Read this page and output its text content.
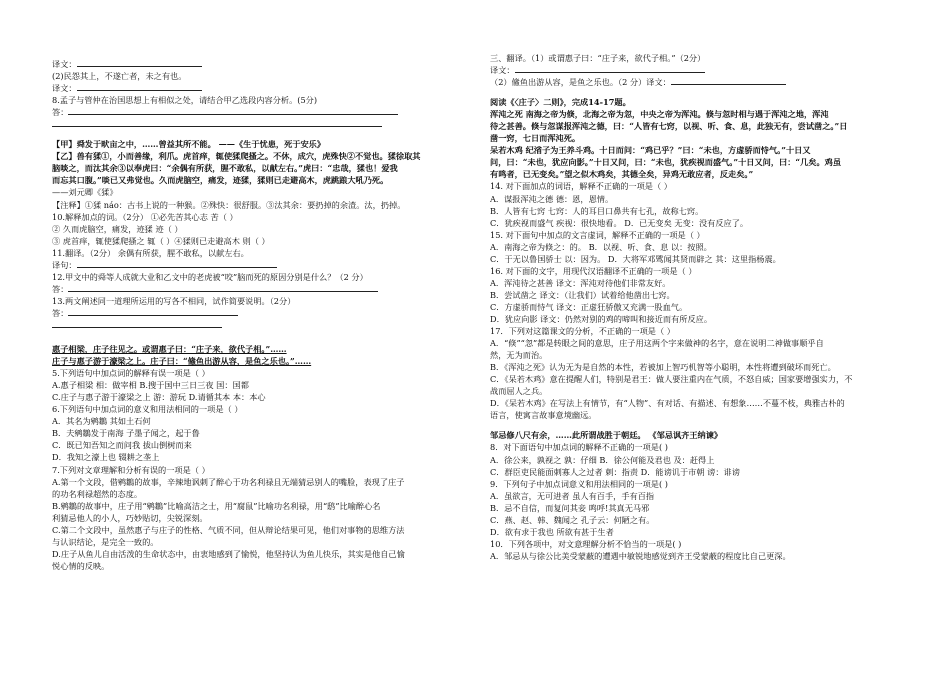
译文：
(2)民怨其上，不遂亡者，未之有也。
译文：
8.孟子与管仲在治国思想上有相似之处，请结合甲乙选段内容分析。(5分)
答：
【甲】舜发于畎亩之中，……曾益其所不能。 ——《生于忧患，死于安乐》
【乙】兽有猱①，小而善缘，利爪。虎首痒，辄使猱爬搔之。不休，成穴，虎殊快②不觉也。猱徐取其
脑啖之，而汰其余③以奉虎曰：“余偶有所获，腥不敢私，以献左右。”虎曰：“忠哉，猱也！爱我
而忘其口腹。”啖已又弗觉也。久而虎脑空，痛发，迹猱，猱则已走避高木，虎跳踉大吼乃死。
——刘元卿《猱》
【注释】①猱 náo：古书上说的一种猴。②殊快：很舒服。③汰其余：要扔掉的余渣。汰，扔掉。
10.解释加点的词。（2分） ①必先苦其心志 苦（ ）
② 久而虎脑空，痛发，迹猱 迹（ ）
③ 虎首痒，辄使猱爬搔之 辄（ ）④猱则已走避高木 则（ ）
11.翻译。（2分） 余偶有所获，腥不敢私，以献左右。
译句：
12.甲文中的舜等人成就大业和乙文中的老虎被“咬”脑而死的原因分别是什么？（2 分）
答：
13.两文阐述同一道理所运用的写各不相同，试作简要说明。（2分）
答：
惠子相梁，庄子往见之。或谓惠子曰：“庄子来，欲代子相。”……
庄子与惠子游于濠梁之上。庄子曰：“鯈鱼出游从容，是鱼之乐也。”……
5.下列语句中加点词的解释有误一项是（ ）
A.惠子相梁 相：做宰相 B.搜于国中三日三夜 国：国都
C.庄子与惠子游于濠梁之上 游：游玩 D.请循其本 本：本心
6.下列语句中加点词的意义和用法相同的一项是（ ）
A．其名为鹓鶵 其如土石何
B．夫鹓鶵发于南海 子墨子闻之，起于鲁
C．既已知吾知之而问我 拔山倒树而来
D．我知之濠上也 辍耕之垄上
7.下列对文章理解和分析有误的一项是（ ）
A.第一个文段，借鹓鶵的故事，辛辣地讽刺了醉心于功名利禄且无端猜忌别人的嘴脸，表现了庄子
的功名利禄超然的态度。
B.鹓鶵的故事中，庄子用“鹓鶵”比喻高洁之士，用“腐鼠”比喻功名利禄，用“鸱”比喻醉心名
利猜忌他人的小人，巧妙贴切，尖锐深刻。
C.第二个文段中，虽然惠子与庄子的性格、气质不同，但从辩论结果可见，他们对事物的思维方法
与认识结论，是完全一致的。
D.庄子从鱼儿自由活泼的生命状态中，由衷地感到了愉悦，他坚持认为鱼儿快乐，其实是他自己愉
悦心情的反映。
三、翻译。（1）或谓惠子曰：“庄子来，欲代子相。”（2分）
译文：
（2）鯈鱼出游从容，是鱼之乐也。（2 分）译文：
阅读《〈庄子〉二则》，完成14-17题。
浑沌之死 南海之帝为倏，北海之帝为忽，中央之帝为浑沌。倏与忽时相与遇于浑沌之地，浑沌
待之甚善。倏与忽谋报浑沌之德，曰：“人皆有七窍，以视、听、食、息，此独无有，尝试凿之。”日
凿一窍，七日而浑沌死。
呆若木鸡 纪渻子为王养斗鸡。十日而问：“鸡已乎？”曰：“未也，方虚骄而恃气。”十日又
问，曰：“未也，犹应向影。”十日又问，曰：“未也，犹疾视而盛气。”十日又问，曰：“几矣。鸡虽
有鸣者，已无变矣。”望之似木鸡矣，其德全矣，异鸡无敢应者，反走矣。”
14. 对下面加点的词语，解释不正确的一项是（ ）
A．谋报浑沌之德 德：恩，恩情。
B．人皆有七窍 七窍：人的耳目口鼻共有七孔，故称七窍。
C．犹疾视而盛气 疾视：很快地看。 D．已无变矣 无变：没有反应了。
15. 对下面句中加点的文言虚词，解释不正确的一项是（ ）
A．南海之帝为倏之：的。 B．以视、听、食、息 以：按照。
C．于无以鲁国骄士 以：因为。 D．大将军邓骘闻其贤而辟之 其：这里指杨震。
16. 对下面的文字，用现代汉语翻译不正确的一项是（ ）
A．浑沌待之甚善 译文：浑沌对待他们非常友好。
B．尝试凿之 译文：（让我们）试着给他凿出七窍。
C．方虚骄而恃气 译文：正虚狂骄傲又充满一股血气。
D．犹应向影 译文：仍然对别的鸡的啼叫和接近而有所反应。
17．下列对这篇课文的分析，不正确的一项是（ ）
A．“倏”“忽”都是转眼之间的意思，庄子用这两个字来做神的名字，意在说明二神做事顺乎自
然，无为而治。
B．《浑沌之死》认为无为是自然的本性，若被加上智巧机智等小聪明，本性将遭到破坏而死亡。
C．《呆若木鸡》意在提醒人们，特别是君王：做人要注重内在气质，不怒自威；国家要增强实力，不
战而屈人之兵。
D．《呆若木鸡》在写法上有情节，有“人物”、有对话、有描述、有想象……不蔓不枝，典雅古朴的
语言，使寓言故事意境幽远。
邹忌修八尺有余，……此所谓战胜于朝廷。 《邹忌讽齐王纳谏》
8．对下面语句中加点词的解释不正确的一项是( )
A．徐公来，孰视之 孰：仔细 B．徐公何能及君也 及：赶得上
C．群臣吏民能面刺寡人之过者 刺：指责 D．能谤讥于市朝 谤：诽谤
9．下列句子中加点词意义和用法相同的一项是( )
A．虽欲言，无可进者 虽人有百手，手有百指
B．忌不自信，而复问其妾 鸣呼!其真无马邪
C．燕、赵、韩、魏闻之 孔子云：何陋之有。
D．欲有求于我也 所欲有甚于生者
10．下列各项中，对文意理解分析不恰当的一项是( )
A．邹忌从与徐公比美受蒙蔽的遭遇中敏锐地感觉到齐王受蒙蔽的程度比自己更深。
